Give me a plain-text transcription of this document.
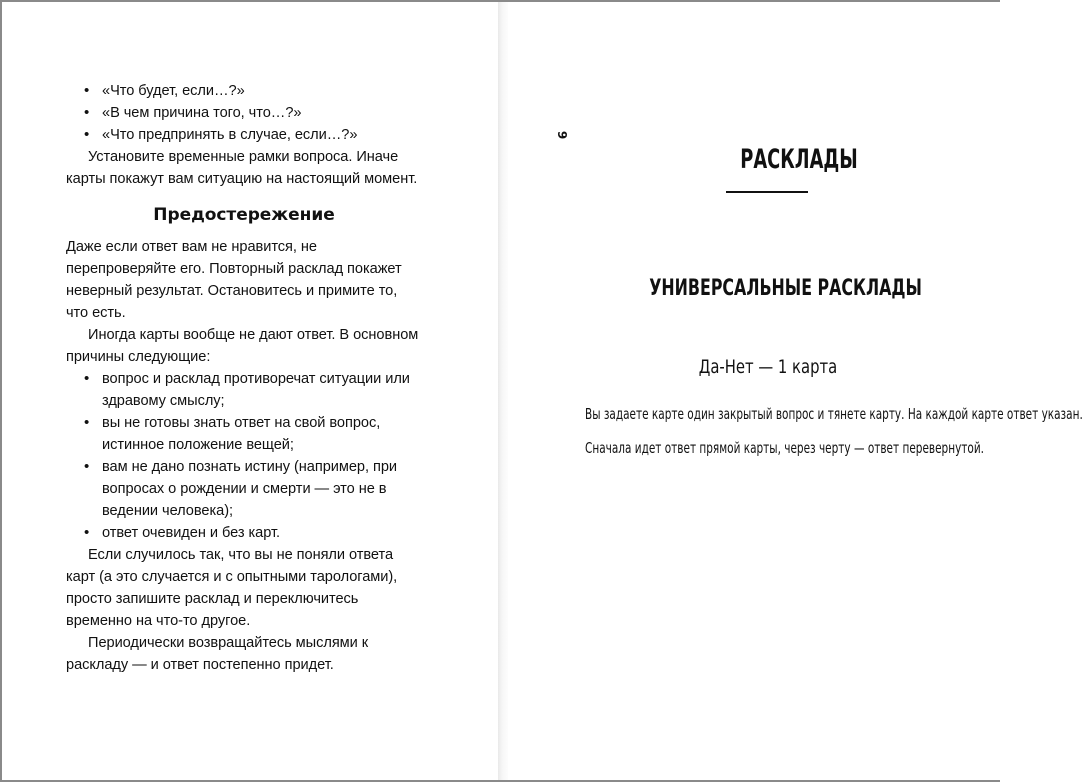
• «Что будет, если…?»
• «В чем причина того, что…?»
• «Что предпринять в случае, если…?»

Установите временные рамки вопроса. Иначе карты покажут вам ситуацию на настоящий момент.

Предостережение

Даже если ответ вам не нравится, не перепроверяйте его. Повторный расклад покажет неверный результат. Остановитесь и примите то, что есть.

Иногда карты вообще не дают ответ. В основном причины следующие:

• вопрос и расклад противоречат ситуации или здравому смыслу;
• вы не готовы знать ответ на свой вопрос, истинное положение вещей;
• вам не дано познать истину (например, при вопросах о рождении и смерти — это не в ведении человека);
• ответ очевиден и без карт.

Если случилось так, что вы не поняли ответа карт (а это случается и с опытными тарологами), просто запишите расклад и переключитесь временно на что-то другое.

Периодически возвращайтесь мыслями к раскладу — и ответ постепенно придет.

9
РАСКЛАДЫ
УНИВЕРСАЛЬНЫЕ РАСКЛАДЫ
Да-Нет — 1 карта
Вы задаете карте один закрытый вопрос и тянете карту. На каждой карте ответ указан.
Сначала идет ответ прямой карты, через черту — ответ перевернутой.
